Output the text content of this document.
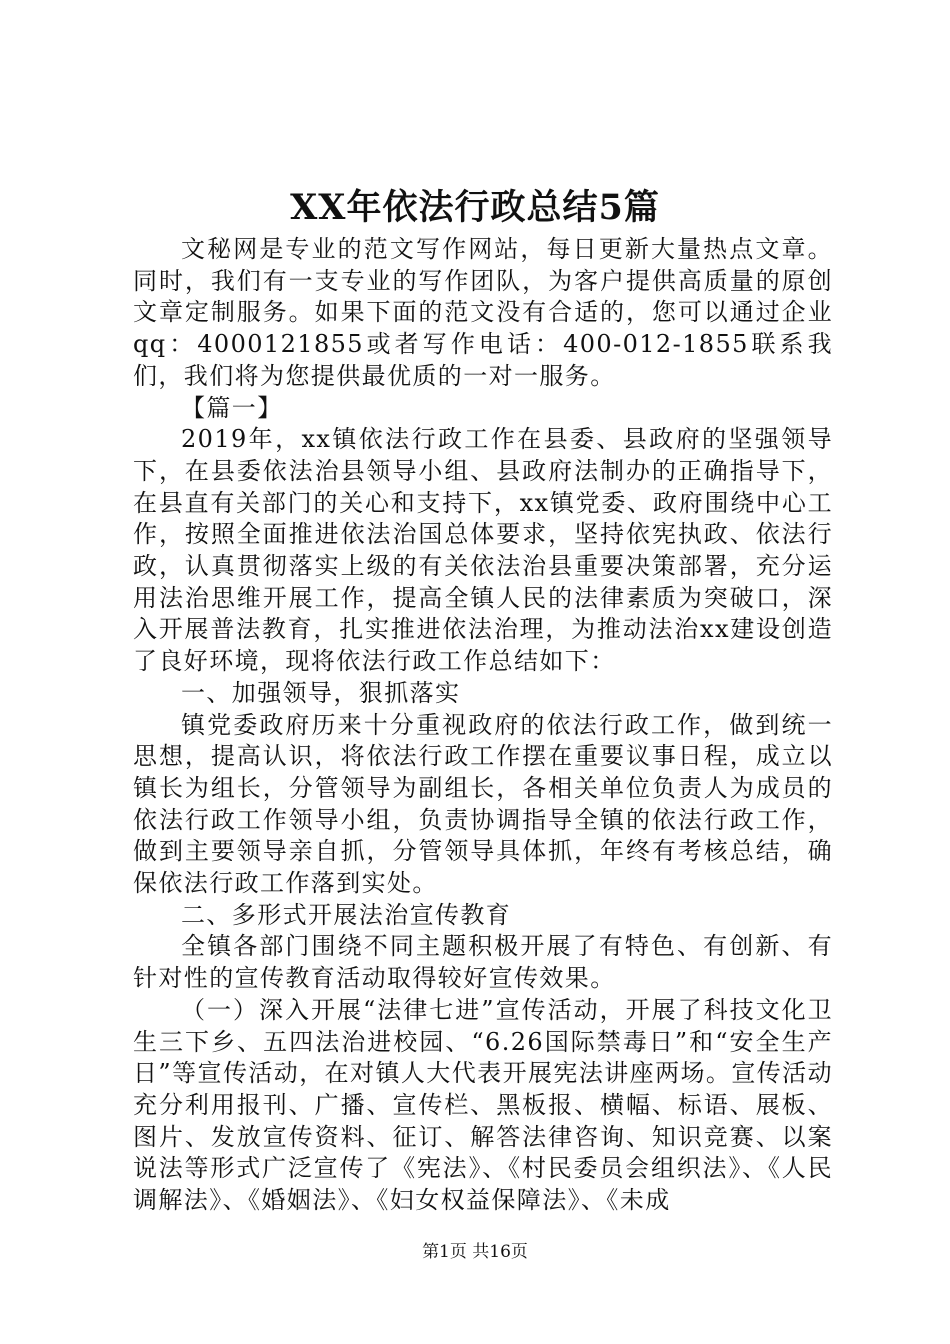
XX年依法行政总结5篇

文秘网是专业的范文写作网站，每日更新大量热点文章。同时，我们有一支专业的写作团队，为客户提供高质量的原创文章定制服务。如果下面的范文没有合适的，您可以通过企业qq：4000121855或者写作电话：400-012-1855联系我们，我们将为您提供最优质的一对一服务。

【篇一】

2019年，xx镇依法行政工作在县委、县政府的坚强领导下，在县委依法治县领导小组、县政府法制办的正确指导下，在县直有关部门的关心和支持下，xx镇党委、政府围绕中心工作，按照全面推进依法治国总体要求，坚持依宪执政、依法行政，认真贯彻落实上级的有关依法治县重要决策部署，充分运用法治思维开展工作，提高全镇人民的法律素质为突破口，深入开展普法教育，扎实推进依法治理，为推动法治xx建设创造了良好环境，现将依法行政工作总结如下：

一、加强领导，狠抓落实

镇党委政府历来十分重视政府的依法行政工作，做到统一思想，提高认识，将依法行政工作摆在重要议事日程，成立以镇长为组长，分管领导为副组长，各相关单位负责人为成员的依法行政工作领导小组，负责协调指导全镇的依法行政工作，做到主要领导亲自抓，分管领导具体抓，年终有考核总结，确保依法行政工作落到实处。

二、多形式开展法治宣传教育

全镇各部门围绕不同主题积极开展了有特色、有创新、有针对性的宣传教育活动取得较好宣传效果。

（一）深入开展“法律七进”宣传活动，开展了科技文化卫生三下乡、五四法治进校园、“6.26国际禁毒日”和“安全生产日”等宣传活动，在对镇人大代表开展宪法讲座两场。宣传活动充分利用报刊、广播、宣传栏、黑板报、横幅、标语、展板、图片、发放宣传资料、征订、解答法律咨询、知识竞赛、以案说法等形式广泛宣传了《宪法》、《村民委员会组织法》、《人民调解法》、《婚姻法》、《妇女权益保障法》、《未成

第1页 共16页
